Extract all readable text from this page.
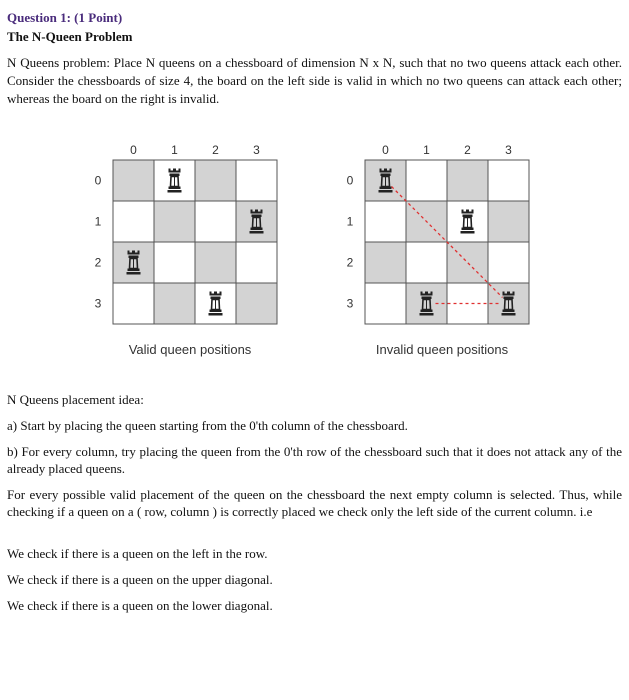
Question 1: (1 Point)
The N-Queen Problem
N Queens problem: Place N queens on a chessboard of dimension N x N, such that no two queens attack each other. Consider the chessboards of size 4, the board on the left side is valid in which no two queens can attack each other; whereas the board on the right is invalid.
0	1	2	3
0
1
2
3
Valid queen positions
0	1	2	3
0
1
2
3
Invalid queen positions
N Queens placement idea:
a) Start by placing the queen starting from the 0'th column of the chessboard.
b) For every column, try placing the queen from the 0'th row of the chessboard such that it does not attack any of the already placed queens.
For every possible valid placement of the queen on the chessboard the next empty column is selected. Thus, while checking if a queen on a ( row, column ) is correctly placed we check only the left side of the current column. i.e
We check if there is a queen on the left in the row.
We check if there is a queen on the upper diagonal.
We check if there is a queen on the lower diagonal.
